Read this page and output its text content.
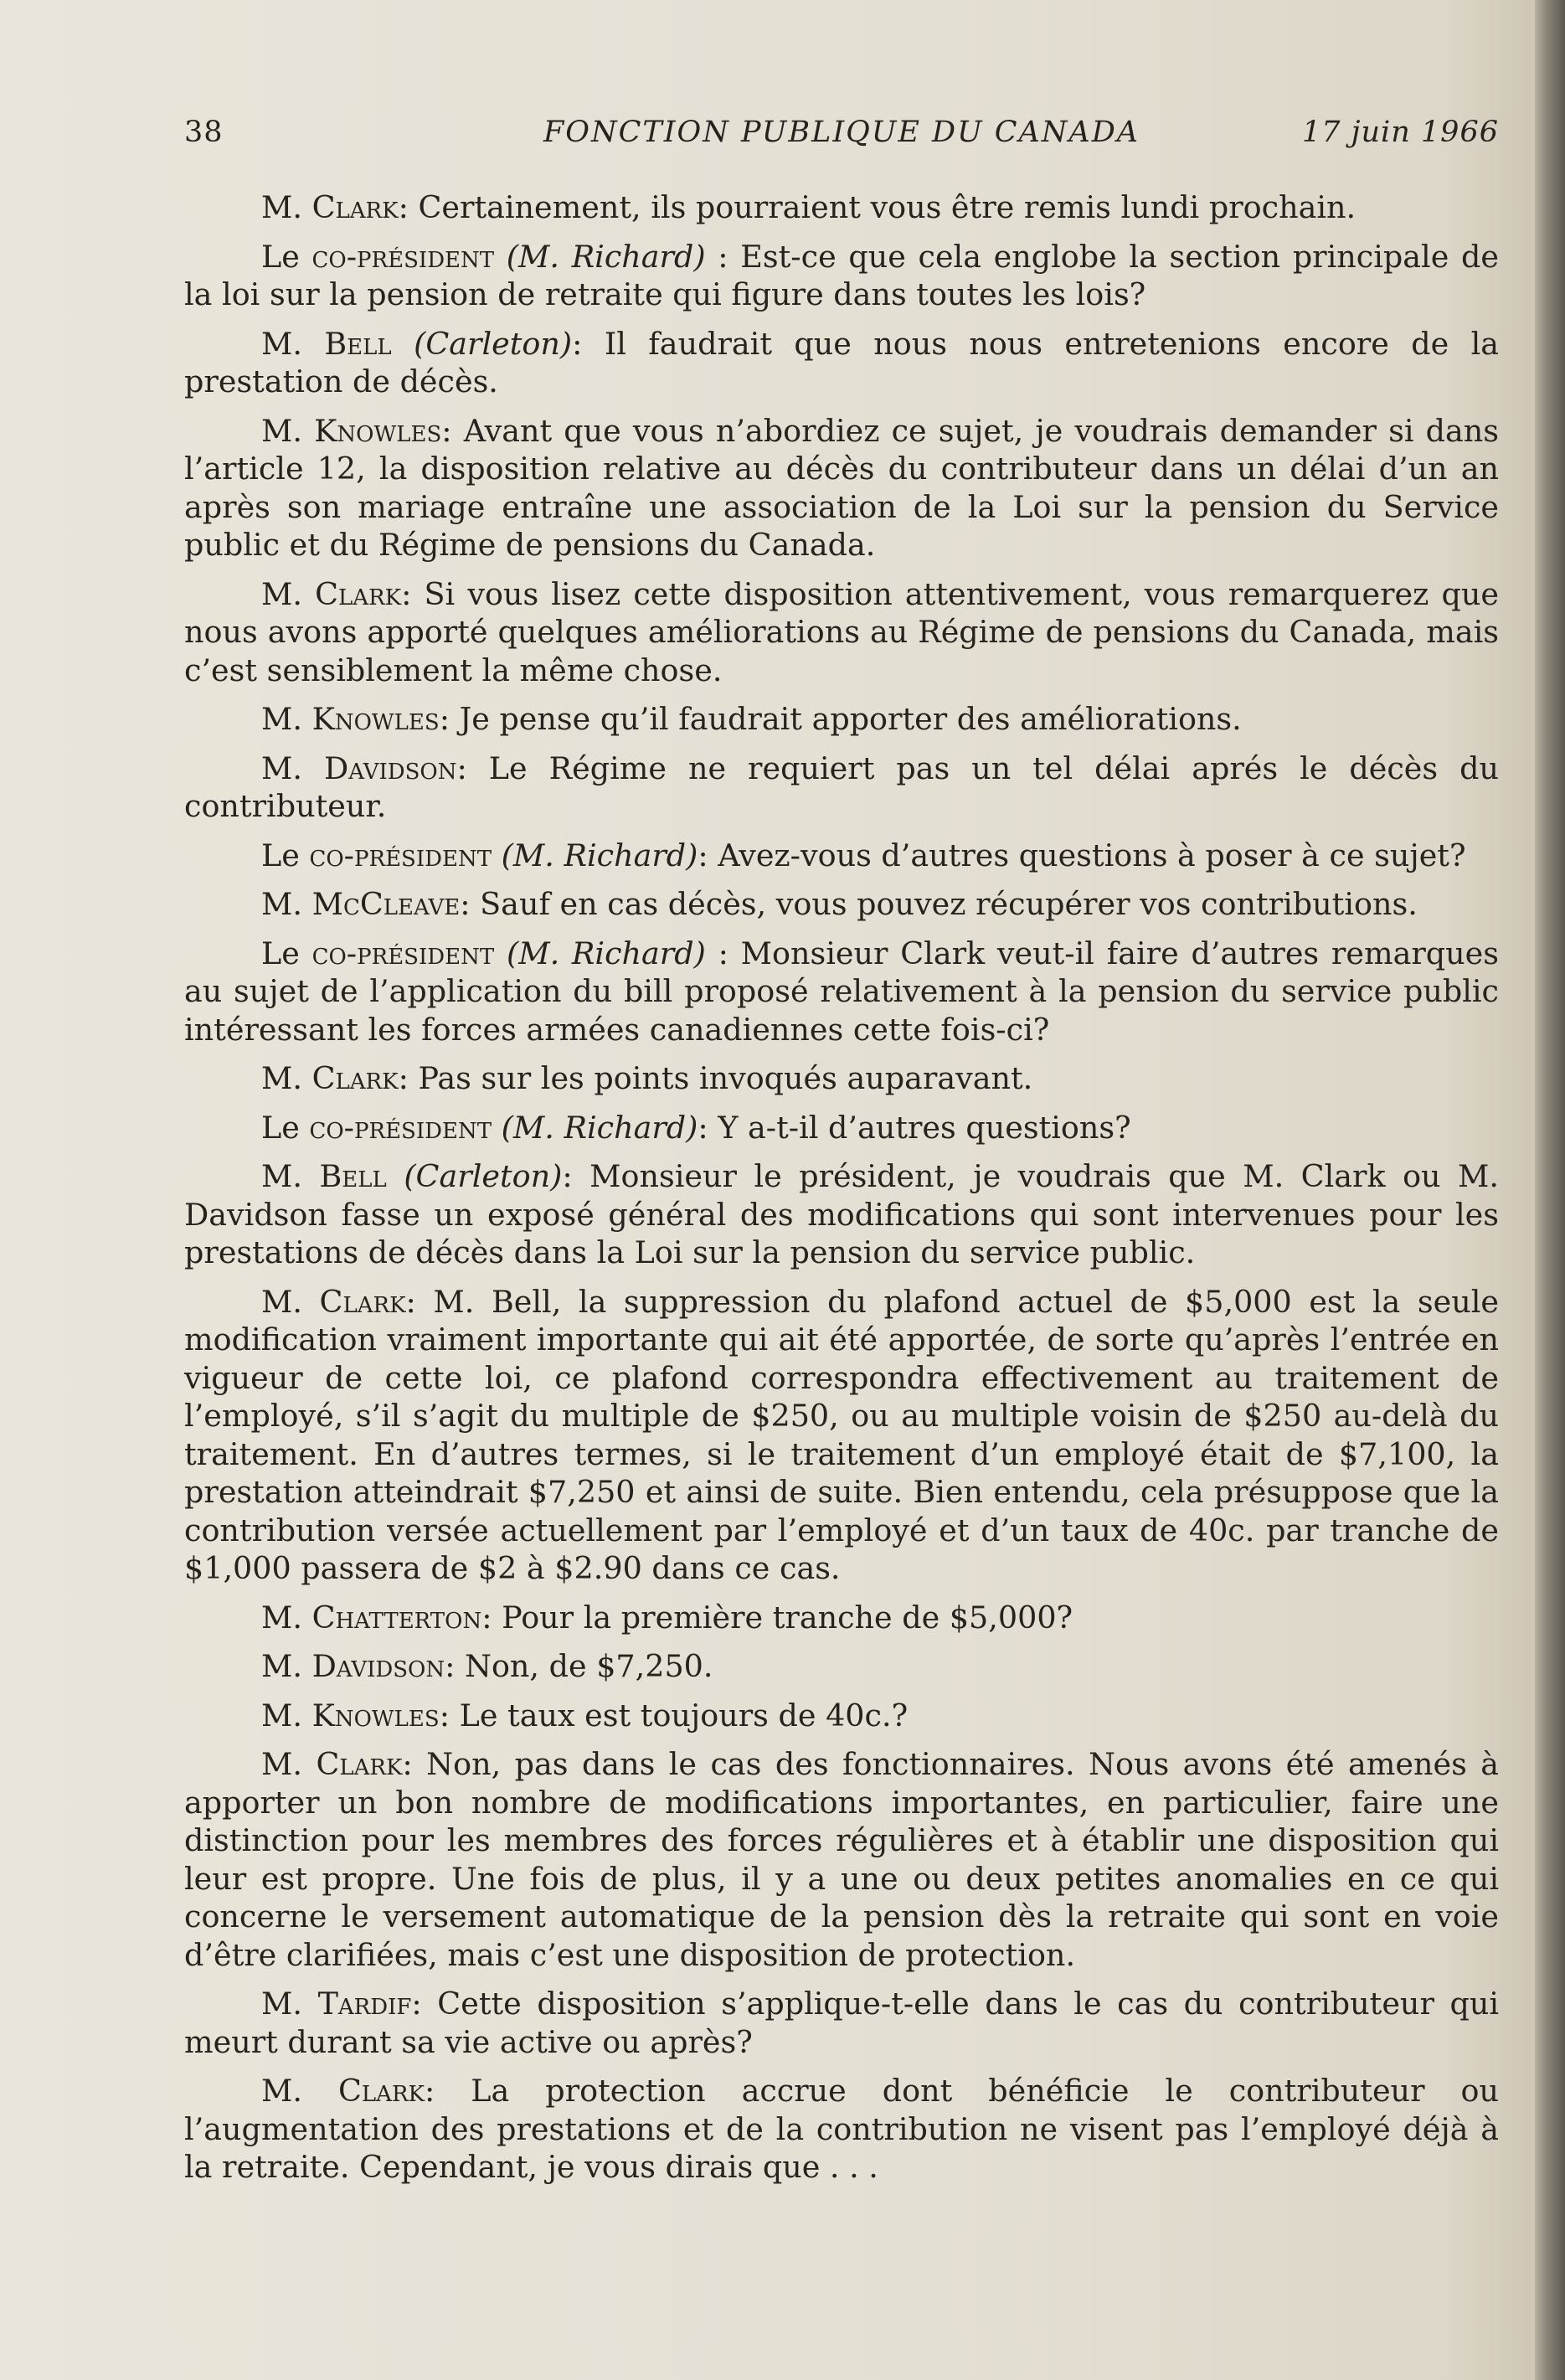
38	FONCTION PUBLIQUE DU CANADA	17 juin 1966

M. Clark: Certainement, ils pourraient vous être remis lundi prochain.

Le co-président (M. Richard) : Est-ce que cela englobe la section principale de la loi sur la pension de retraite qui figure dans toutes les lois?

M. Bell (Carleton): Il faudrait que nous nous entretenions encore de la prestation de décès.

M. Knowles: Avant que vous n’abordiez ce sujet, je voudrais demander si dans l’article 12, la disposition relative au décès du contributeur dans un délai d’un an après son mariage entraîne une association de la Loi sur la pension du Service public et du Régime de pensions du Canada.

M. Clark: Si vous lisez cette disposition attentivement, vous remarquerez que nous avons apporté quelques améliorations au Régime de pensions du Canada, mais c’est sensiblement la même chose.

M. Knowles: Je pense qu’il faudrait apporter des améliorations.

M. Davidson: Le Régime ne requiert pas un tel délai aprés le décès du contributeur.

Le co-président (M. Richard): Avez-vous d’autres questions à poser à ce sujet?

M. McCleave: Sauf en cas décès, vous pouvez récupérer vos contributions.

Le co-président (M. Richard) : Monsieur Clark veut-il faire d’autres remarques au sujet de l’application du bill proposé relativement à la pension du service public intéressant les forces armées canadiennes cette fois-ci?

M. Clark: Pas sur les points invoqués auparavant.

Le co-président (M. Richard): Y a-t-il d’autres questions?

M. Bell (Carleton): Monsieur le président, je voudrais que M. Clark ou M. Davidson fasse un exposé général des modifications qui sont intervenues pour les prestations de décès dans la Loi sur la pension du service public.

M. Clark: M. Bell, la suppression du plafond actuel de $5,000 est la seule modification vraiment importante qui ait été apportée, de sorte qu’après l’entrée en vigueur de cette loi, ce plafond correspondra effectivement au traitement de l’employé, s’il s’agit du multiple de $250, ou au multiple voisin de $250 au-delà du traitement. En d’autres termes, si le traitement d’un employé était de $7,100, la prestation atteindrait $7,250 et ainsi de suite. Bien entendu, cela présuppose que la contribution versée actuellement par l’employé et d’un taux de 40c. par tranche de $1,000 passera de $2 à $2.90 dans ce cas.

M. Chatterton: Pour la première tranche de $5,000?

M. Davidson: Non, de $7,250.

M. Knowles: Le taux est toujours de 40c.?

M. Clark: Non, pas dans le cas des fonctionnaires. Nous avons été amenés à apporter un bon nombre de modifications importantes, en particulier, faire une distinction pour les membres des forces régulières et à établir une disposition qui leur est propre. Une fois de plus, il y a une ou deux petites anomalies en ce qui concerne le versement automatique de la pension dès la retraite qui sont en voie d’être clarifiées, mais c’est une disposition de protection.

M. Tardif: Cette disposition s’applique-t-elle dans le cas du contributeur qui meurt durant sa vie active ou après?

M. Clark: La protection accrue dont bénéficie le contributeur ou l’augmentation des prestations et de la contribution ne visent pas l’employé déjà à la retraite. Cependant, je vous dirais que . . .
